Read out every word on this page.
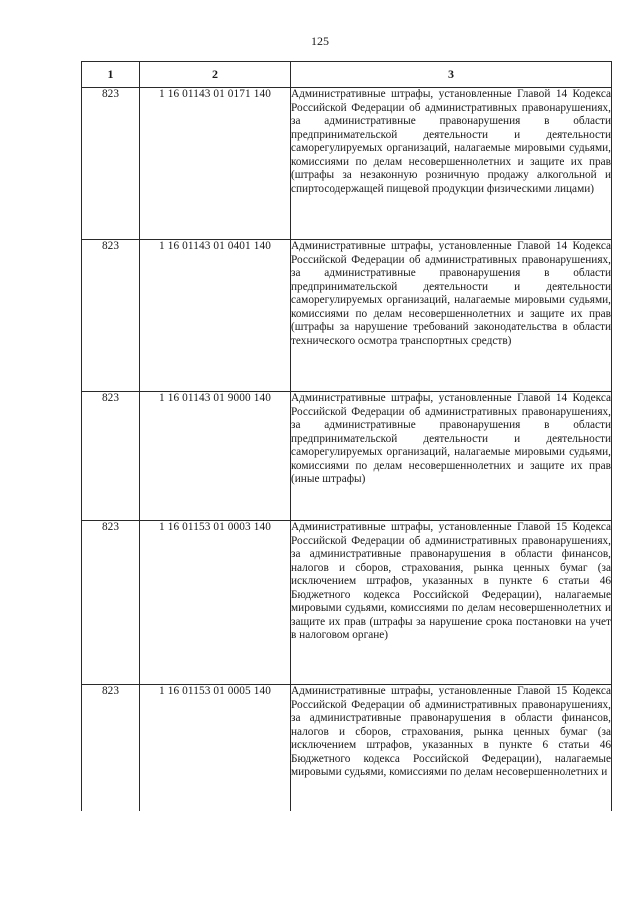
125
1	2	3
823	1 16 01143 01 0171 140	Административные штрафы, установленные Главой 14 Кодекса Российской Федерации об административных правонарушениях, за административные правонарушения в области предпринимательской деятельности и деятельности саморегулируемых организаций, налагаемые мировыми судьями, комиссиями по делам несовершеннолетних и защите их прав (штрафы за незаконную розничную продажу алкогольной и спиртосодержащей пищевой продукции физическими лицами)
823	1 16 01143 01 0401 140	Административные штрафы, установленные Главой 14 Кодекса Российской Федерации об административных правонарушениях, за административные правонарушения в области предпринимательской деятельности и деятельности саморегулируемых организаций, налагаемые мировыми судьями, комиссиями по делам несовершеннолетних и защите их прав (штрафы за нарушение требований законодательства в области технического осмотра транспортных средств)
823	1 16 01143 01 9000 140	Административные штрафы, установленные Главой 14 Кодекса Российской Федерации об административных правонарушениях, за административные правонарушения в области предпринимательской деятельности и деятельности саморегулируемых организаций, налагаемые мировыми судьями, комиссиями по делам несовершеннолетних и защите их прав (иные штрафы)
823	1 16 01153 01 0003 140	Административные штрафы, установленные Главой 15 Кодекса Российской Федерации об административных правонарушениях, за административные правонарушения в области финансов, налогов и сборов, страхования, рынка ценных бумаг (за исключением штрафов, указанных в пункте 6 статьи 46 Бюджетного кодекса Российской Федерации), налагаемые мировыми судьями, комиссиями по делам несовершеннолетних и защите их прав (штрафы за нарушение срока постановки на учет в налоговом органе)
823	1 16 01153 01 0005 140	Административные штрафы, установленные Главой 15 Кодекса Российской Федерации об административных правонарушениях, за административные правонарушения в области финансов, налогов и сборов, страхования, рынка ценных бумаг (за исключением штрафов, указанных в пункте 6 статьи 46 Бюджетного кодекса Российской Федерации), налагаемые мировыми судьями, комиссиями по делам несовершеннолетних и
